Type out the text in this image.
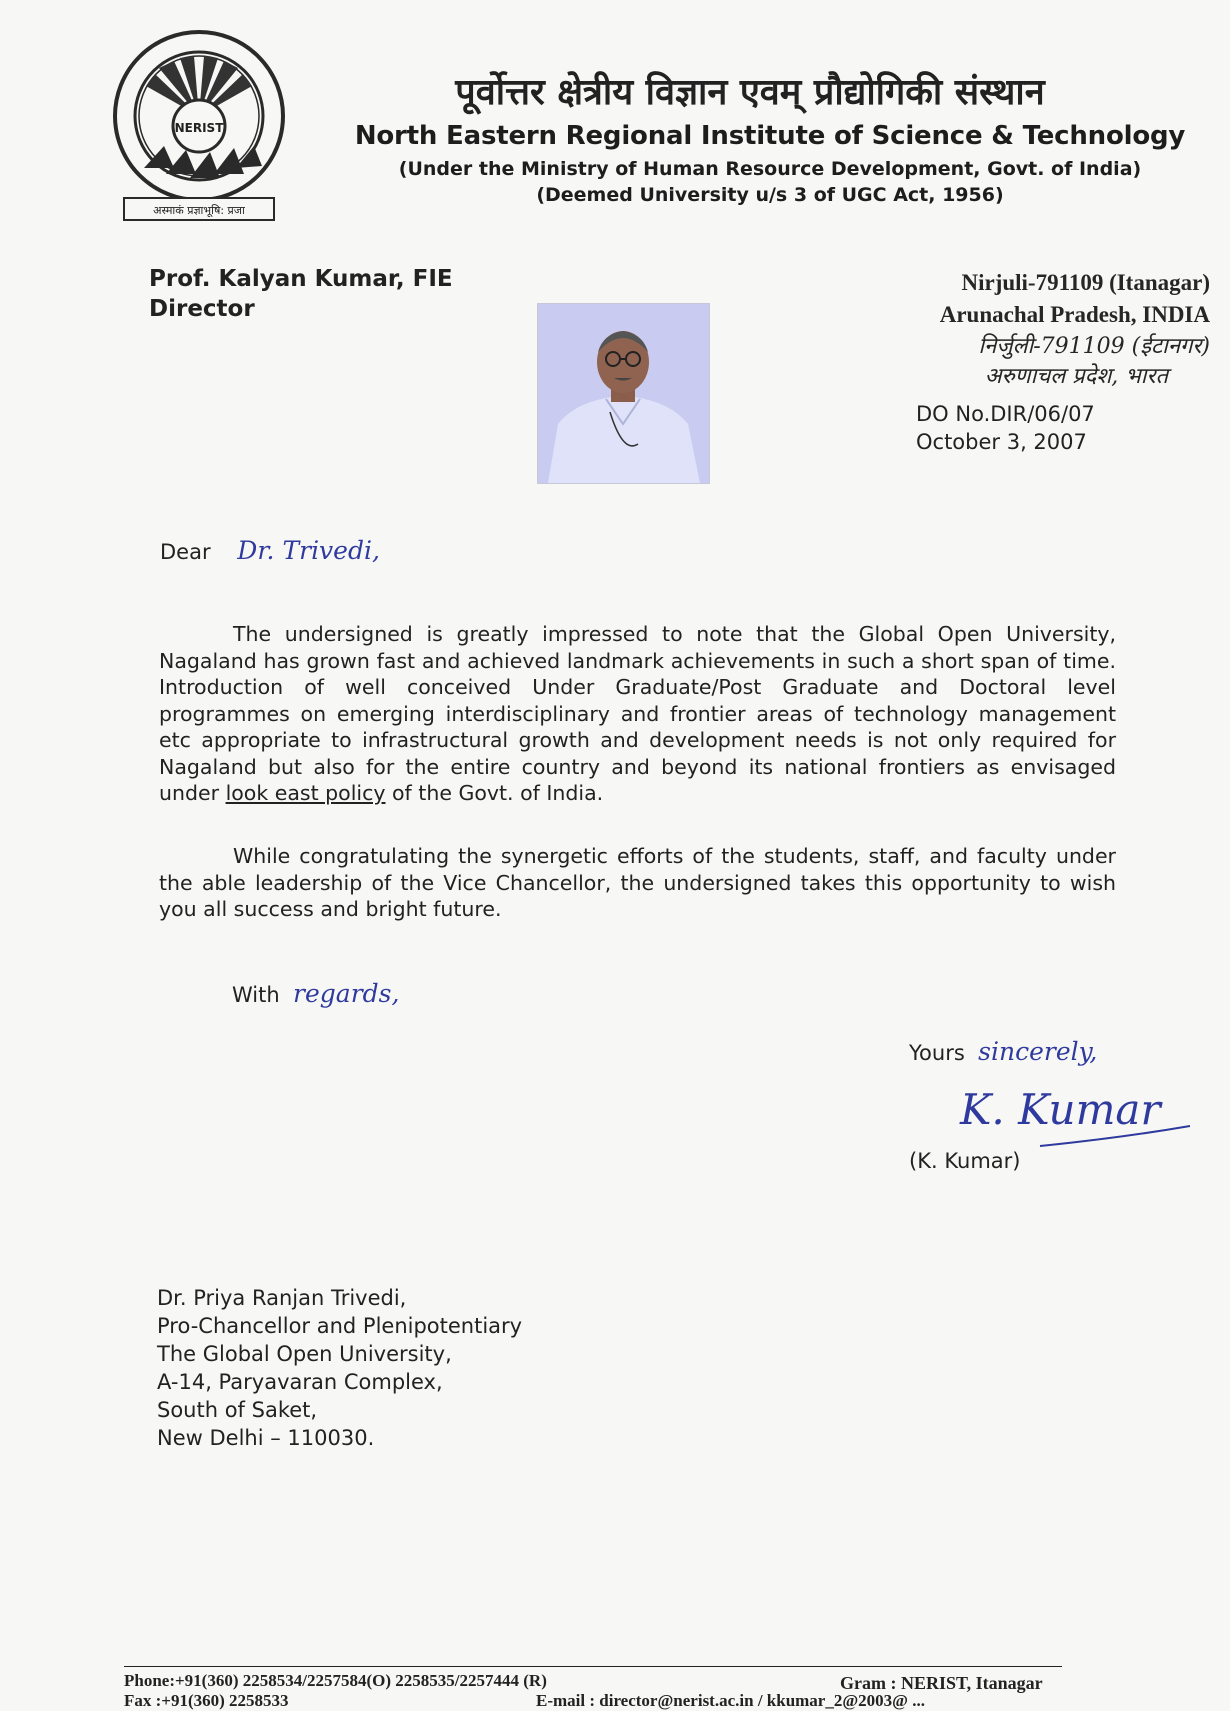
NERIST
अस्माकं प्रज्ञाभूषि: प्रजा
पूर्वोत्तर क्षेत्रीय विज्ञान एवम् प्रौद्योगिकी संस्थान
North Eastern Regional Institute of Science & Technology
(Under the Ministry of Human Resource Development, Govt. of India)
(Deemed University u/s 3 of UGC Act, 1956)
Prof. Kalyan Kumar, FIE
Director
Nirjuli-791109 (Itanagar)
Arunachal Pradesh, INDIA
निर्जुली-791109 (ईटानगर)
अरुणाचल प्रदेश, भारत
DO No.DIR/06/07
October 3, 2007
Dear Dr. Trivedi,
The undersigned is greatly impressed to note that the Global Open University, Nagaland has grown fast and achieved landmark achievements in such a short span of time. Introduction of well conceived Under Graduate/Post Graduate and Doctoral level programmes on emerging interdisciplinary and frontier areas of technology management etc appropriate to infrastructural growth and development needs is not only required for Nagaland but also for the entire country and beyond its national frontiers as envisaged under look east policy of the Govt. of India.
While congratulating the synergetic efforts of the students, staff, and faculty under the able leadership of the Vice Chancellor, the undersigned takes this opportunity to wish you all success and bright future.
With regards,
Yours sincerely,
K. Kumar
(K. Kumar)
Dr. Priya Ranjan Trivedi,
Pro-Chancellor and Plenipotentiary
The Global Open University,
A-14, Paryavaran Complex,
South of Saket,
New Delhi – 110030.
Phone:+91(360) 2258534/2257584(O) 2258535/2257444 (R)	Gram : NERIST, Itanagar
Fax :+91(360) 2258533	E-mail : director@nerist.ac.in / kkumar_2@2003@ ...
